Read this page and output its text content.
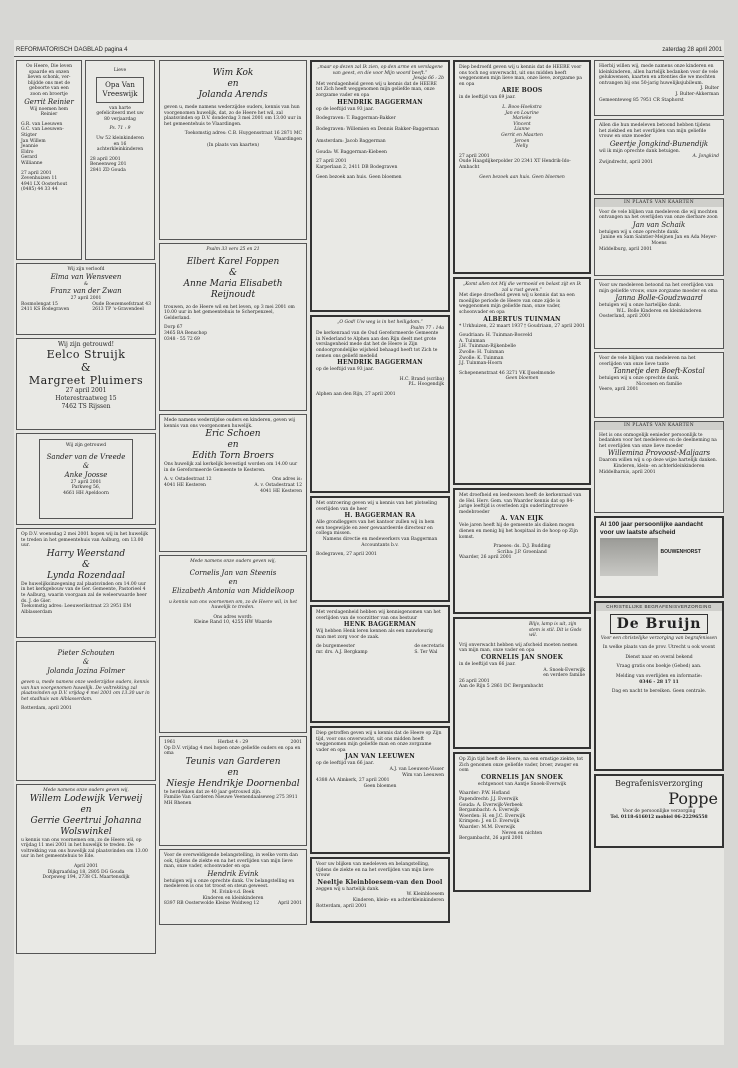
REFORMATORISCH DAGBLAD pagina 4	zaterdag 28 april 2001
Oo Heere, Die leven
spaarde en onzen
lieven schonk, ver-
blijdde ons met de
geboorte van een
zoon en broertje
Gerrit Reinier
Wij noemen hem Reinier
G.R. van Leeuwen
G.C. van Leeuwen-
Stigter
Jan Willem
Jeannie
Eldro
Gerard
Willianne
27 april 2001
Zevenhuizen 11
4941 LX Oosterhout
(0485) 44 33 44
Lieve
Opa Van Vreeswijk
van harte
gefeliciteerd met uw
80 verjaardag
Ps. 71 : 9
Uw 52 kleinkinderen
en 16 achterkleinkinderen
28 april 2001
Beneenweg 201
2841 ZD Gouda
Wij zijn verloofd
Elma van Wensveen
&
Franz van der Zwan
27 april 2001
Rosmolengat 15
2411 KS Bodegraven
Oude Boezemsefstraat 43
2613 TP 's-Gravendeel
Wij zijn getrouwd!
Eelco Struijk
&
Margreet Pluimers
27 april 2001
Hoterestraatweg 15
7462 TS Rijssen
Wij zijn getrouwd
Sander van de Vreede
&
Anke Joosse
27 april 2001
Parkweg 56,
4661 HH Apeldoorn
Op D.V. woensdag 2 mei 2001 hopen wij in het huwelijk te treden in het gemeentehuis van Aalburg, om 13.00 uur.
Harry Weerstand
&
Lynda Rozendaal
De huwelijksinzegening zal plaatsvinden om 14.00 uur in het kerkgebouw van de Ger. Gemeente, Pastorieel 4 te Aalburg, waarin voorgaan zal de weleerwaarde heer ds. J. de Gier.
Toekomstig adres: Leeuwerikstraat 23 2951 EM Alblasserdam
Pieter Schouten
&
Jolanda Jozina Folmer
geven u, mede namens onze wederzijdse ouders, kennis van hun voorgenomen huwelijk. De voltrekking zal plaatsvinden op D.V. vrijdag 4 mei 2001 om 13.30 uur in het stadhuis van Alblasserdam.
Rotterdam, april 2001
Mede namens onze ouders geven wij,
Willem Lodewijk Verweij
en
Gerrie Geertrui Johanna Wolswinkel
u kennis van ons voornemen om, zo de Heere wil, op vrijdag 11 mei 2001 in het huwelijk te treden. De voltrekking van ons huwelijk zal plaatsvinden om 13.00 uur in het gemeentehuis te Ede.
April 2001
Dijkgraafslag 18, 2805 DG Gouda
Dorpsweg 194, 2738 CL Maartensdijk
Wim Kok
en
Jolanda Arends
geven u, mede namens wederzijdse ouders, kennis van hun voorgenomen huwelijk, dat, zo de Heere het wil, zal plaatsvinden op D.V. donderdag 3 mei 2001 om 13.00 uur in het gemeentehuis te Vlaardingen.
Toekomstig adres: C.B. Huygensstraat 16 2871 MC Vlaardingen
(In plaats van kaarten)
Psalm 33 vers 25 en 21
Elbert Karel Foppen
&
Anne Maria Elisabeth Reijnoudt
trouwen, zo de Heere wil en het leven, op 3 mei 2001 om 10.00 uur in het gemeentehuis te Scherpenzeel, Gelderland.
Dorp 67
3465 BA Benschop
0348 - 55 72 69
Mede namens wederzijdse ouders en kinderen, geven wij kennis van ons voorgenomen huwelijk.
Eric Schoen
en
Edith Torn Broers
Ons huwelijk zal kerkelijk bevestigd worden om 14.00 uur in de Gereformeerde Gemeente te Kesteren.
A. v. Ostadestraat 12
4041 HE Kesteren
Ons adres is:
A. v. Ostadestraat 12
4041 HE Kesteren
Mede namens onze ouders geven wij,
Cornelis Jan van Steenis
en
Elizabeth Antonia van Middelkoop
u kennis van ons voornemen om, zo de Heere wil, in het huwelijk te treden.
Ons adres wordt:
Kleine Rand 10, 4255 HW Waarde
1961	Herbst 4 : 29	2001
Op D.V. vrijdag 4 mei hopen onze geliefde ouders en opa en oma
Teunis van Garderen
en
Niesje Hendrikje Doornenbal
te herdenken dat ze 40 jaar getrouwd zijn.
Familie Van Garderen Nieuwe Veenendaalseweg 275 3911 MH Rhenen
Voor de overweldigende belangstelling, in welke vorm dan ook, tijdens de ziekte en na het overlijden van mijn lieve man, onze vader, schoonvader en opa
Hendrik Evink
betuigen wij u onze oprechte dank. Uw belangstelling en medeleven is ons tot troost en steun geweest.
M. Evink-v.d. Beek
Kinderen en kleinkinderen
8397 RB Oosterwolde Kleine Woldweg 12	April 2001
„maar op dezen zal Ik zien, op den arme en verslagene van geest, en die voor Mijn woord beeft.”
Jesaja 66 : 2b
Met verslagenheid geven wij u kennis dat de HEERE tot Zich heeft weggenomen mijn geliefde man, onze zorgzame vader en opa
HENDRIK BAGGERMAN
op de leeftijd van 93 jaar.
Bodegraven: T. Baggerman-Bakker

Bodegraven: Willemien en Dennis Bakker-Baggerman

Amsterdam: Jacob Baggerman

Gouda: W. Baggerman-Kiebeen
27 april 2001
Karperlaan 2, 2411 DB Bodegraven
Geen bezoek aan huis. Geen bloemen
„O God! Uw weg is in het heiligdom.”
Psalm 77 : 14a
De kerkenraad van de Oud Gereformeerde Gemeente in Nederland te Alphen aan den Rijn deelt met grote verslagenheid mede dat het de Heere is Zijn ondoorgrondelijke wijsheid behaagd heeft tot Zich te nemen ons geliefd medelid
HENDRIK BAGGERMAN
op de leeftijd van 93 jaar.
H.C. Brand (scriba)
P.L. Hoogendijk
Alphen aan den Rijn, 27 april 2001
Met ontroering geven wij u kennis van het plotseling overlijden van de heer
H. BAGGERMAN RA
Alle grondleggers van het kantoor zullen wij in hem een toegewijde en zeer gewaardeerde directeur en collega missen.
Namens directie en medewerkers van Baggerman Accountants b.v.
Bodegraven, 27 april 2001
Met verslagenheid hebben wij kennisgenomen van het overlijden van de voorzitter van ons bestuur
HENK BAGGERMAN
Wij hebben Henk leren kennen als een nauwkeurig man met zorg voor de zaak.
de burgemeester
mr. drs. A.J. Bergkamp
de secretaris
S. Ter Wal
Diep getroffen geven wij u kennis dat de Heere op Zijn tijd, voor ons onverwacht, uit ons midden heeft weggenomen mijn geliefde man en onze zorgzame vader en opa
JAN VAN LEEUWEN
op de leeftijd van 66 jaar.
A.J. van Leeuwen-Visser
Wim van Leeuwen
4388 AA Almkerk, 27 april 2001
Geen bloemen
Voor uw blijken van medeleven en belangstelling, tijdens de ziekte en na het overlijden van mijn lieve vrouw
Neeltje Kleinbloesem-van den Dool
zeggen wij u hartelijk dank.
W. Kleinbloesem
Kinderen, klein- en achterkleinkinderen
Rotterdam, april 2001
Diep bedroefd geven wij u kennis dat de HEERE voor ons toch nog onverwacht, uit ons midden heeft weggenomen mijn lieve man, onze lieve, zorgzame pa en opa
ARIE BOOS
in de leeftijd van 69 jaar.
L. Boos-Hoekstra
Jan en Lourine
Marieke
Vincent
Lianne
Gerrit en Maarten
Jeroen
Nelly
27 april 2001
Oude Haagdijkerpolder 20 2341 XT Hendrik-Ido-Ambacht
Geen bezoek aan huis. Geen bloemen
„Komt allen tot Mij die vermoeid en belast zijt en Ik zal u rust geven.”
Met diepe droefheid geven wij u kennis dat na een moeilijke periode de Heere van onze zijde is weggenomen mijn geliefde man, onze vader, schoonvader en opa
ALBERTUS TUINMAN
* Urkhuizen, 22 maart 1937 † Goudriaan, 27 april 2001
Goudriaan: H. Tuinman-Bosveld
A. Tuinman
J.H. Tuinman-Rijkenbelle
Zwolle: H. Tuinman
Zwolle: K. Tuinman
J.J. Tuinman-Hoorn
Schepenenstraat 46 3271 VK IJsselmonde
Geen bloemen
Met droefheid en leedwezen heeft de kerkenraad van de Hel. Herv. Gem. van Waarder kennis dat op 84-jarige leeftijd is overleden zijn ouderlingtrouwe medebroeder
A. VAN EIJK
Vele jaren heeft hij de gemeente als diaken mogen dienen en menig bij het hospitaal in de hoop op Zijn komst.
Praeses: ds. D.J. Budding
Scriba: J.P. Groenland
Waarder, 26 april 2001
Blijv, lamp is uit, zijn stem is stil. Dit is Gods wil.
Vrij onverwacht hebben wij afscheid moeten nemen van mijn man, onze vader en opa
CORNELIS JAN SNOEK
in de leeftijd van 66 jaar.
A. Snoek-Everwijk
en verdere familie
26 april 2001
Aan de Rijn 5 2861 DC Bergambacht
Op Zijn tijd heeft de Heere, na een ernstige ziekte, tot Zich genomen onze geliefde vader, broer, zwager en oom
CORNELIS JAN SNOEK
echtgenoot van Aantje Snoek-Everwijk
Waarder: P.W. Hofland
Papendrecht: J.J. Everwijk
Gouda: A. Everwijk-Verbeek
Bergambacht: A. Everwijk
Woerden: H. en J.C. Everwijk
Krimpen: J. en D. Everwijk
Waarder: M.M. Everwijk
Neven en nichten
Bergambacht, 26 april 2001
Hierbij willen wij, mede namens onze kinderen en kleinkinderen, allen hartelijk bedanken voor de vele gelukwensen, kaarten en attenties die we mochten ontvangen bij ons 50-jarig huwelijksjubileum.
J. Bulter
J. Bulter-Akkerman
Gemeenteweg 85 7951 CR Staphorst
Allen die hun medeleven betoond hebben tijdens het ziekbed en het overlijden van mijn geliefde vrouw en onze moeder
Geertje Jongkind-Bunendijk
wil ik mijn oprechte dank betuigen.
A. Jongkind
Zwijndrecht, april 2001
IN PLAATS VAN KAARTEN
Voor de vele blijken van medeleven die wij mochten ontvangen na het overlijden van onze dierbare zoon
Jan van Schaik
betuigen wij u onze oprechte dank.
Janine en Sam Saintier-Meijnen Jan en Ada Meyer-Moens
Middelburg, april 2001
Voor uw medeleven betoond na het overlijden van mijn geliefde vrouw, onze zorgzame moeder en oma
Janna Bolle-Goudzwaard
betuigen wij u onze hartelijke dank.
W.L. Bolle Kinderen en kleinkinderen
Oosterland, april 2001
Voor de vele blijken van medeleven na het overlijden van onze lieve tante
Tannetje den Boeft-Kostal
betuigen wij u onze oprechte dank.
Nicoonen en familie
Veere, april 2001
IN PLAATS VAN KAARTEN
Het is ons onmogelijk eenieder persoonlijk te bedanken voor het medeleven en de deelneming na het overlijden van onze lieve moeder
Willemina Provoost-Maljaars
Daarom willen wij u op deze wijze hartelijk danken.
Kinderen, klein- en achterkleinkinderen
Middelharnis, april 2001
Al 100 jaar persoonlijke aandacht voor uw laatste afscheid
BOUWENHORST
CHRISTELIJKE BEGRAFENISVERZORGING
De Bruijn
Voor een christelijke verzorging van begrafenissen
In welke plaats van de prov. Utrecht u ook woont
Dienst naar en overal bekend
Vraag gratis ons boekje (Gebed) aan.
Melding van overlijden en informatie:
0346 - 28 17 11
Dag en nacht te bereiken. Geen centrale.
Begrafenisverzorging
Poppe
Voor de persoonlijke verzorging
Tel. 0118-616012 mobiel 06-22296558
